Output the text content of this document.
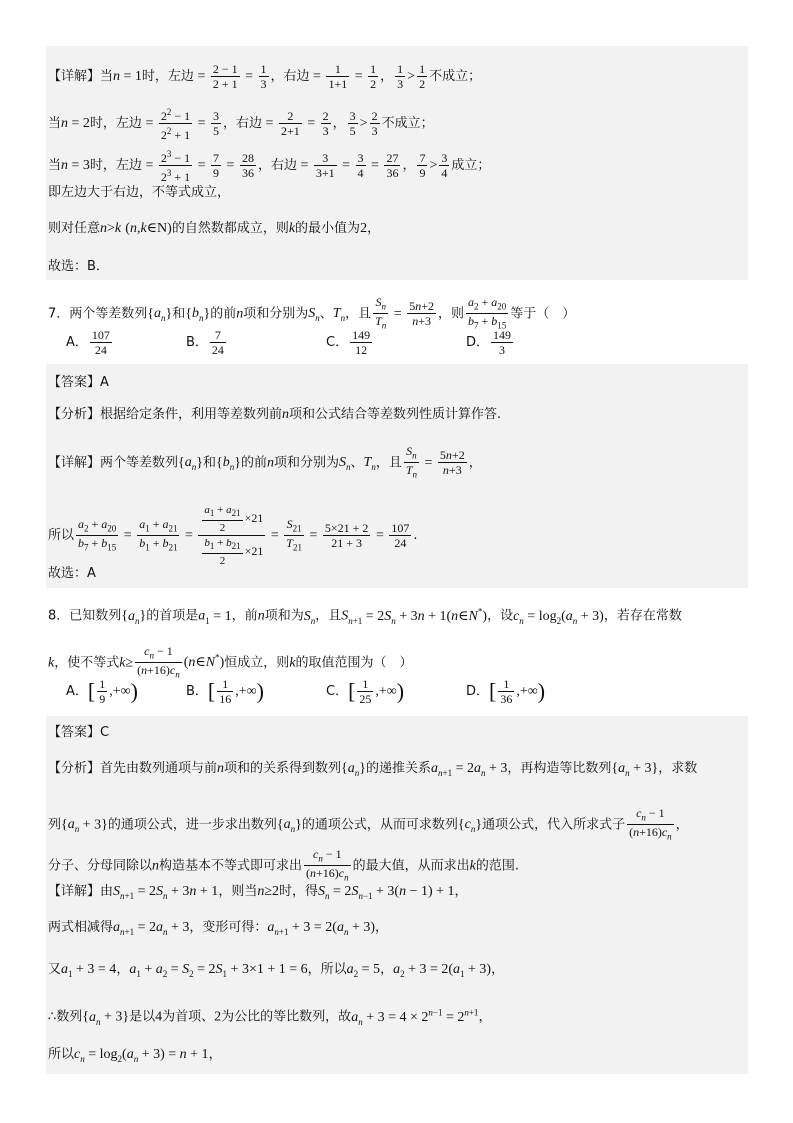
【详解】当n = 1时，左边 = $\frac{2 - 1}{2 + 1} = \frac{1}{3}$ ，右边 = $\frac{1}{1+1} = \frac{1}{2}$ ， $\frac{1}{3} > \frac{1}{2}$ 不成立；
当n = 2时，左边 = $\frac{2^2 - 1}{2^2 + 1} = \frac{3}{5}$ ，右边 = $\frac{2}{2+1} = \frac{2}{3}$ ， $\frac{3}{5} > \frac{2}{3}$ 不成立；
当n = 3时，左边 = $\frac{2^3 - 1}{2^3 + 1} = \frac{7}{9} = \frac{28}{36}$ ，右边 = $\frac{3}{3+1} = \frac{3}{4} = \frac{27}{36}$ ， $\frac{7}{9} > \frac{3}{4}$ 成立；
即左边大于右边，不等式成立，
则对任意n>k (n,k∈N)的自然数都成立，则k的最小值为2，
故选：B．
7．两个等差数列$\{a_n\}$和$\{b_n\}$的前n项和分别为$S_n$、$T_n$，且 $\frac{S_n}{T_n} = \frac{5n+2}{n+3}$ ，则 $\frac{a_2 + a_{20}}{b_7 + b_{15}}$ 等于（　）
【答案】A
【分析】根据给定条件，利用等差数列前n项和公式结合等差数列性质计算作答.
【详解】两个等差数列$\{a_n\}$和$\{b_n\}$的前n项和分别为$S_n$、$T_n$，且 $\frac{S_n}{T_n} = \frac{5n+2}{n+3}$ ，
所以 $\frac{a_2 + a_{20}}{b_7 + b_{15}} = \frac{a_1 + a_{21}}{b_1 + b_{21}} = \frac{\frac{a_1 + a_{21}}{2} \times 21}{\frac{b_1 + b_{21}}{2} \times 21} = \frac{S_{21}}{T_{21}} = \frac{5\times 21 + 2}{21 + 3} = \frac{107}{24}$ .
故选：A
8．已知数列$\{a_n\}$的首项是$a_1 = 1$，前n项和为$S_n$，且$S_{n+1} = 2S_n + 3n$ + 1(n∈N*)，设$c_n = \log_2(a_n + 3)$，若存在常数
k，使不等式$k\ge \frac{c_n - 1}{(n+16)c_n}$ (n∈N*)恒成立，则k的取值范围为（　）
【答案】C
【分析】首先由数列通项与前n项和的关系得到数列$\{a_n\}$的递推关系$a_{n+1} = 2a_n + 3$，再构造等比数列$\{a_n + 3\}$，求数
列$\{a_n + 3\}$的通项公式，进一步求出数列$\{a_n\}$的通项公式，从而可求数列$\{c_n\}$通项公式，代入所求式子 $\frac{c_n - 1}{(n+16)c_n}$ ，
分子、分母同除以n构造基本不等式即可求出 $\frac{c_n - 1}{(n+16)c_n}$ 的最大值，从而求出k的范围.
【详解】由$S_{n+1} = 2S_n + 3n + 1$，则当n≥2时，得$S_n = 2S_{n-1} + 3(n - 1) + 1$，
两式相减得$a_{n+1} = 2a_n + 3$，变形可得：$a_{n+1} + 3 = 2(a_n + 3)$，
又$a_1 + 3 = 4$，$a_1 + a_2 = S_2 = 2S_1 + 3\times 1 + 1 = 6$，所以$a_2 = 5$，$a_2 + 3 = 2(a_1 + 3)$，
∴数列$\{a_n + 3\}$是以4为首项、2为公比的等比数列，故$a_n + 3 = 4 \times 2^{n-1} = 2^{n+1}$，
所以$c_n = \log_2(a_n + 3) = n + 1$，
A． $\frac{107}{24}$	B． $\frac{7}{24}$	C． $\frac{149}{12}$	D． $\frac{149}{3}$
A．[ $\frac{1}{9}$ ,+∞)	B．[ $\frac{1}{16}$ ,+∞)	C．[ $\frac{1}{25}$ ,+∞)	D．[ $\frac{1}{36}$ ,+∞)
